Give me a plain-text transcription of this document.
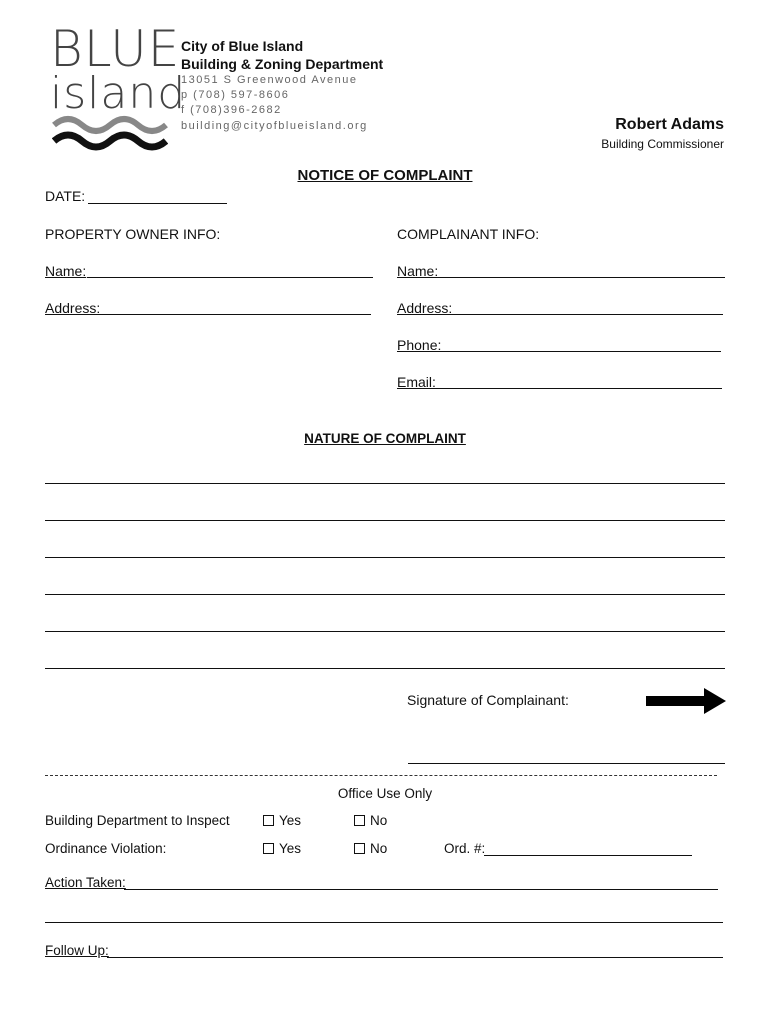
BLUE
island
City of Blue Island
Building & Zoning Department
13051 S Greenwood Avenue
p (708) 597-8606
f (708)396-2682
building@cityofblueisland.org	Robert Adams
Building Commissioner
NOTICE OF COMPLAINT
DATE:
PROPERTY OWNER INFO:	COMPLAINANT INFO:
Name:
Address:
Name:
Address:
Phone:
Email:
NATURE OF COMPLAINT
Signature of Complainant:
Office Use Only
Building Department to Inspect	Yes	No
Ordinance Violation:	Yes	No	Ord. #:
Action Taken:
Follow Up:
